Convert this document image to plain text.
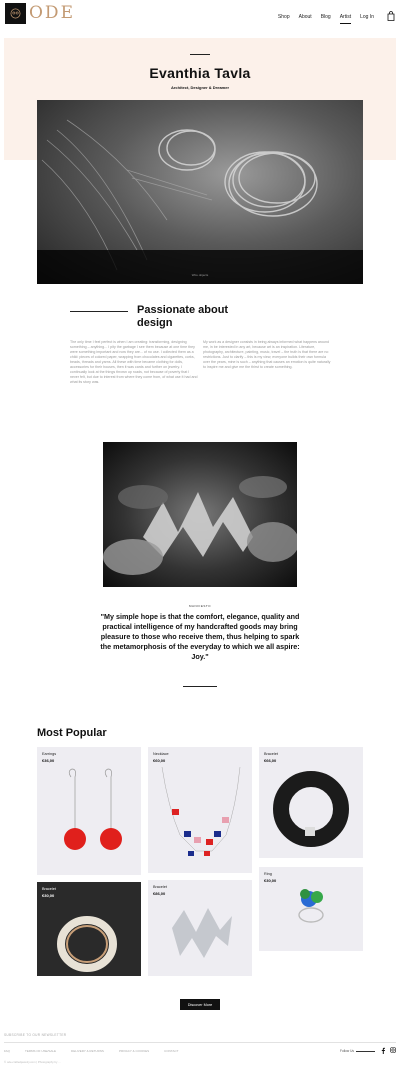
ODE	Shop About Blog Artist Log In
Evanthia Tavla
Architect, Designer & Dreamer
Wire objects
Passionate about design
The only time I feel perfect is when I am creating: transforming, designing something – anything... I pity the garbage I see them because at one time they were something important and now they are... of no use. I collected them as a child: pieces of colored paper, wrapping from chocolates and cigarettes, corks, beads, threads and yarns. All these with time became clothing for dolls, accessories for their houses, then it was cards and further on jewelry. I continually look at the things thrown up roads, not because of poverty that I never felt, but due to interest from where they come from, of what use it had and what its story was.
My work as a designer consists in being always informed what happens around me, in be interested in any art, because art is an inspiration. Literature, photography, architecture, painting, music, travel – the truth is that there are no restrictions. Just to clarify – this is my view, everyone builds their own formula over the years, mine is such – anything that causes an emotion is quite naturally to inspire me and give me the thirst to create something.
MANIFESTO
"My simple hope is that the comfort, elegance, quality and practical intelligence of my handcrafted goods may bring pleasure to those who receive them, thus helping to spark the metamorphosis of the everyday to which we all aspire: Joy."
Most Popular
Earrings
€36,00
Necklace
€60,00
Bracelet
€66,00
Bracelet
€30,00
Bracelet
€86,00
Ring
€30,00
Discover More
SUBSCRIBE TO OUR NEWSLETTER
FAQ	TERMS OF USE/SALE	DELIVERY & RETURNS	PRIVACY & COOKIES	CONTACT	Follow Us
© ode-craftedjewelry.com | Photography by ...
